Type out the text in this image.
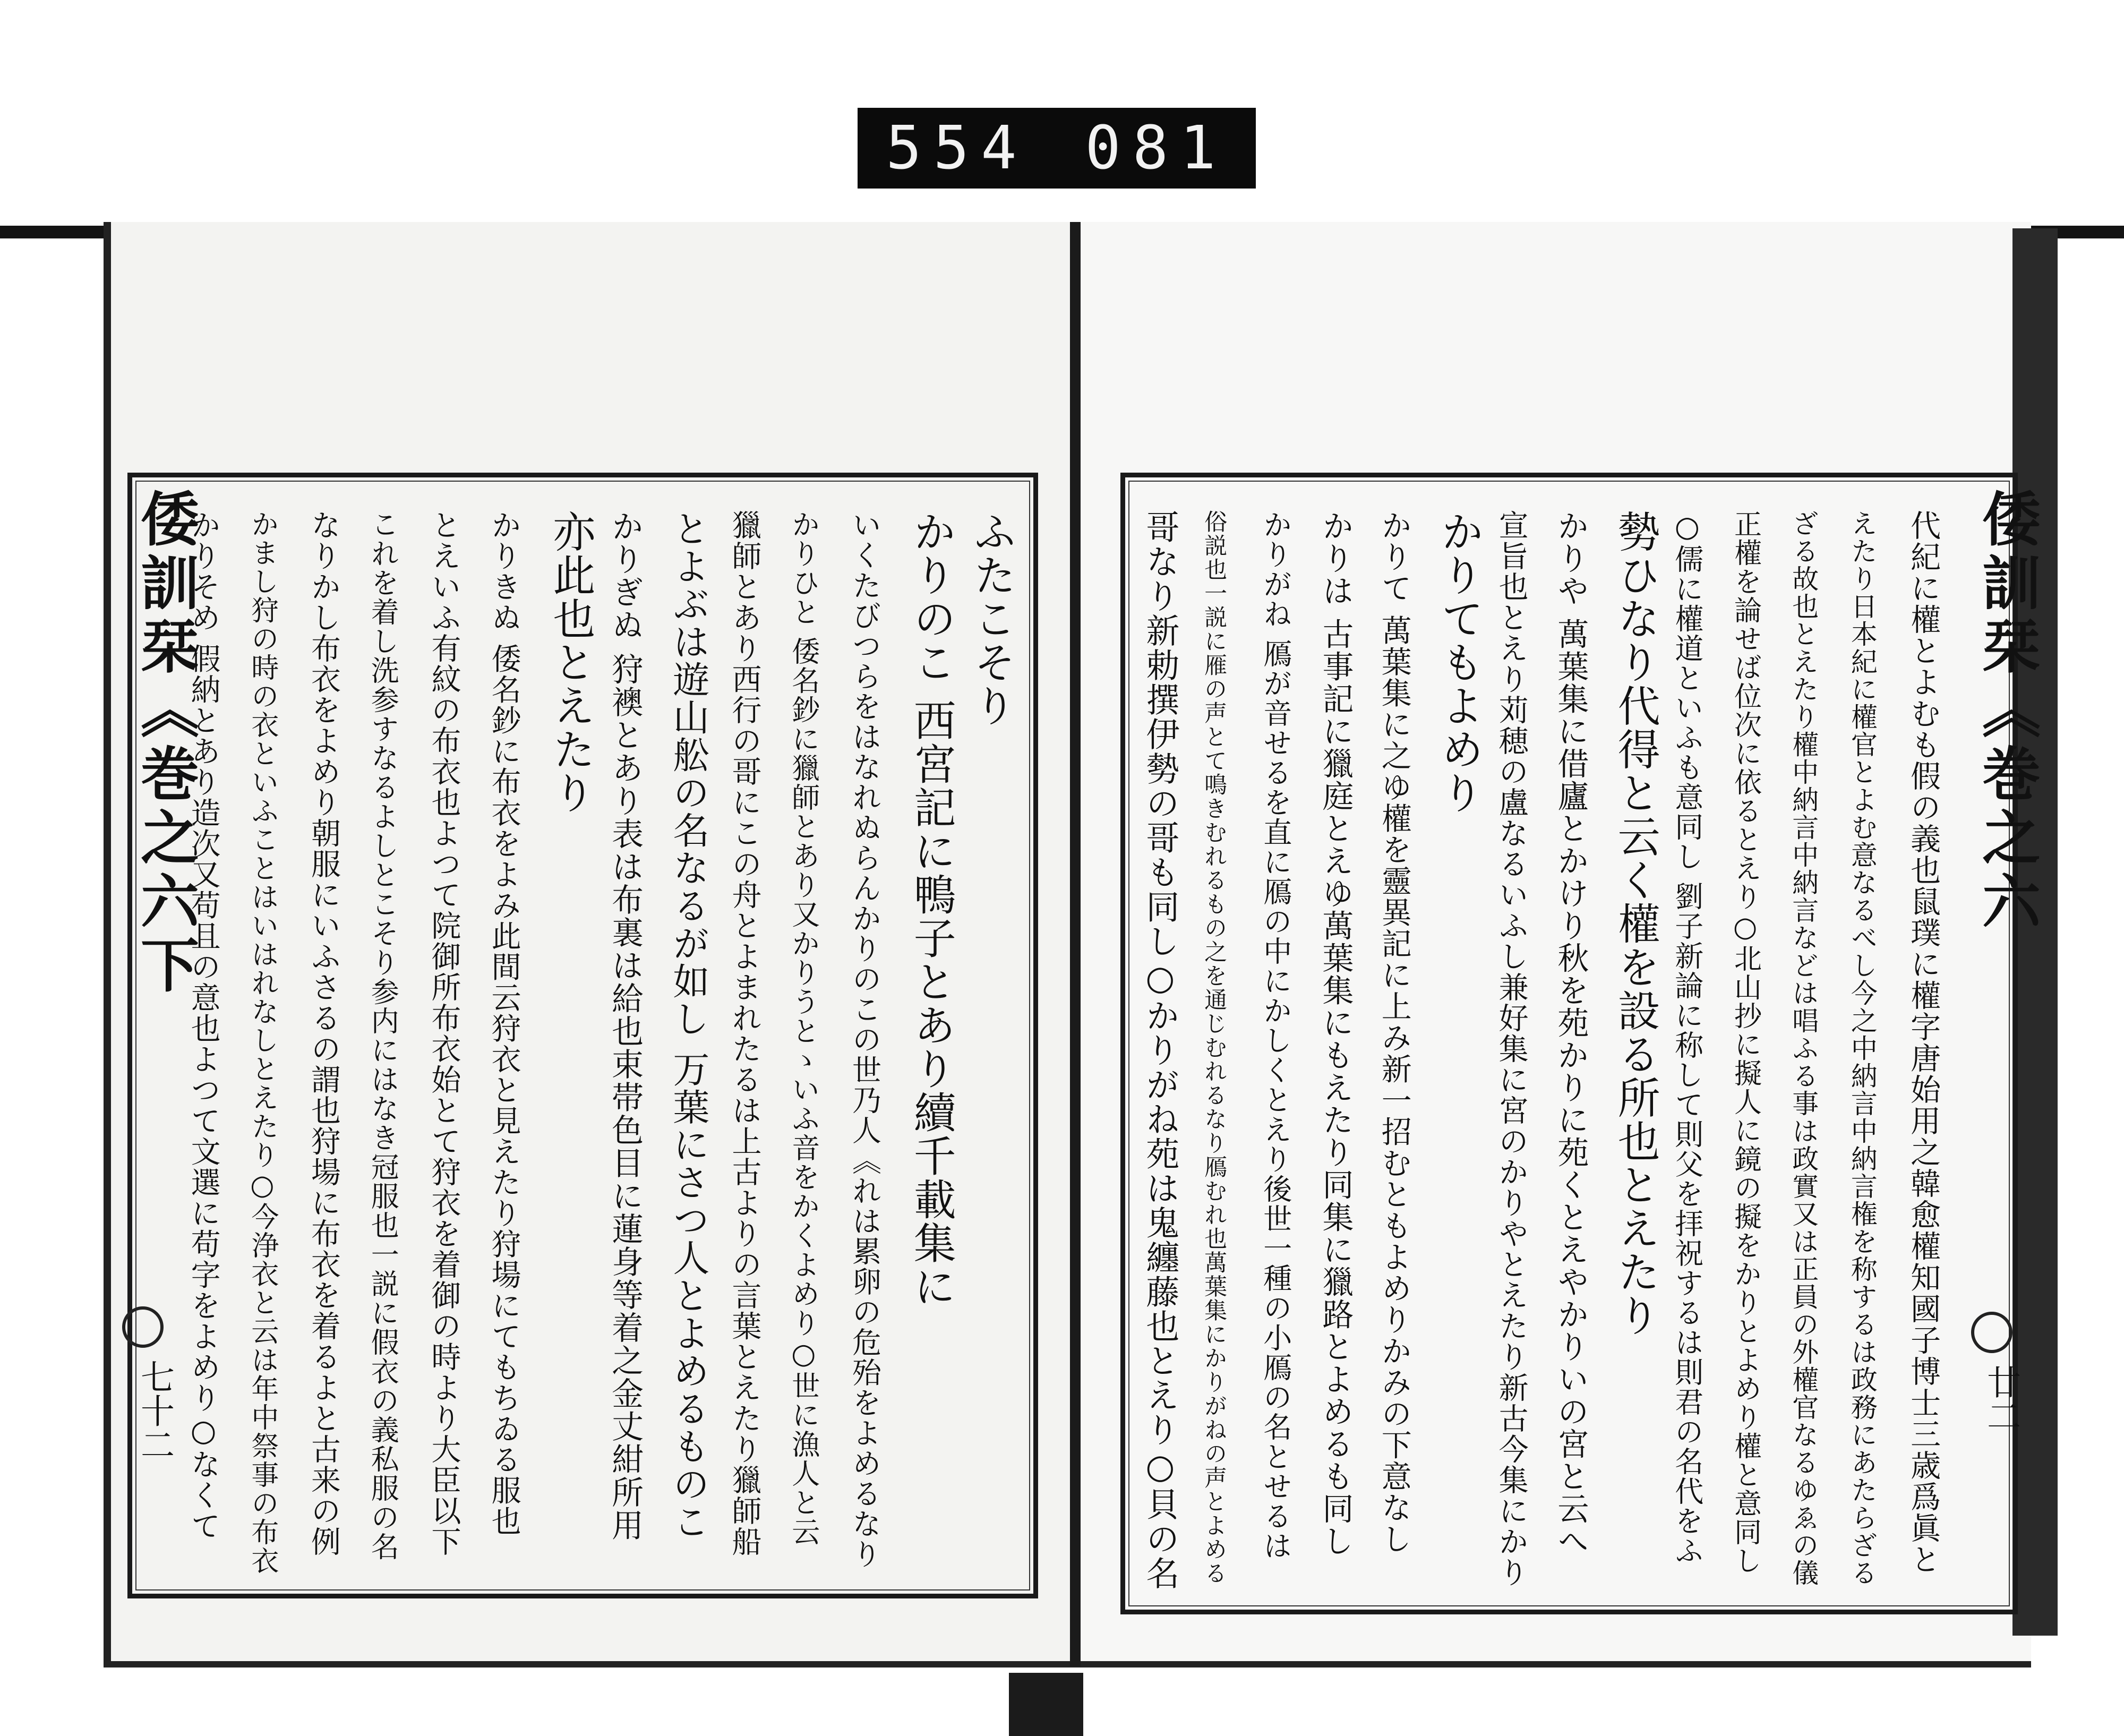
554 081
倭訓栞《巻之六下
七十二
倭訓栞《巻之六
廿二
ふたこそり
かりのこ 西宮記に鴨子とあり續千載集に
いくたびつらをはなれぬらんかりのこの世乃人《れは累卵の危殆をよめるなり
かりひと 倭名鈔に獵師とあり又かりうとゝいふ音をかくよめり○世に漁人と云
獵師とあり西行の哥にこの舟とよまれたるは上古よりの言葉とえたり獵師船
とよぶは遊山舩の名なるが如し 万葉にさつ人とよめるものこ
かりぎぬ 狩襖とあり表は布裏は給也束帯色目に蓮身等着之金丈紺所用
亦此也とえたり
かりきぬ 倭名鈔に布衣をよみ此間云狩衣と見えたり狩場にてもちゐる服也
とえいふ有紋の布衣也よつて院御所布衣始とて狩衣を着御の時より大臣以下
これを着し洗参すなるよしとこそり参内にはなき冠服也一説に假衣の義私服の名
なりかし布衣をよめり朝服にいふさるの謂也狩場に布衣を着るよと古来の例
かまし狩の時の衣といふことはいはれなしとえたり○今浄衣と云は年中祭事の布衣
かりそめ 假納とあり造次又苟且の意也よつて文選に苟字をよめり○なくて	代紀に權とよむも假の義也鼠璞に權字唐始用之韓愈權知國子博士三歳爲眞と
えたり日本紀に權官とよむ意なるべし今之中納言中納言権を称するは政務にあたらざる
ざる故也とえたり權中納言中納言などは唱ふる事は政實又は正員の外權官なるゆゑの儀
正權を論せば位次に依るとえり○北山抄に擬人に鏡の擬をかりとよめり權と意同し
○儒に權道といふも意同し 劉子新論に称して則父を拝祝するは則君の名代をふ
勢ひなり代得と云く權を設る所也とえたり
かりや 萬葉集に借廬とかけり秋を苑かりに苑くとえやかりいの宮と云へ
宣旨也とえり苅穂の盧なるいふし兼好集に宮のかりやとえたり新古今集にかり
かりてもよめり
かりて 萬葉集に之ゆ權を靈異記に上み新一招むともよめりかみの下意なし
かりは 古事記に獵庭とえゆ萬葉集にもえたり同集に獵路とよめるも同し
かりがね 鴈が音せるを直に鴈の中にかしくとえり後世一種の小鴈の名とせるは
俗説也一説に雁の声とて鳴きむれるもの之を通じむれるなり鴈むれ也萬葉集にかりがねの声とよめる
哥なり新勅撰伊勢の哥も同し○かりがね苑は鬼纏藤也とえり○貝の名
